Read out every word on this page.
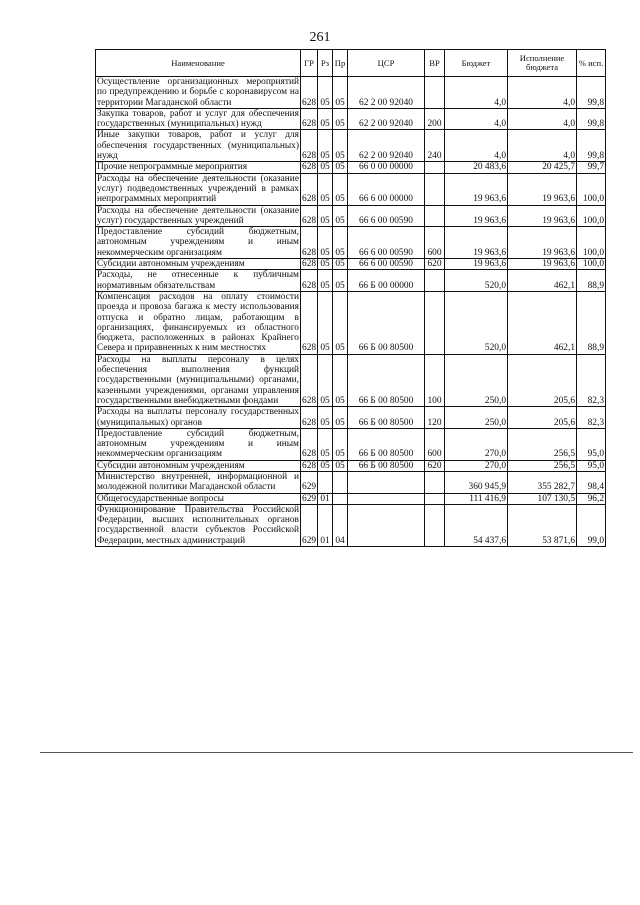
261
Наименование	ГР	Рз	Пр	ЦСР	ВР	Бюджет	Исполнение бюджета	% исп.
Осуществление организационных мероприятий по предупреждению и борьбе с коронавирусом на территории Магаданской области	628	05	05	62 2 00 92040		4,0	4,0	99,8
Закупка товаров, работ и услуг для обеспечения государственных (муниципальных) нужд	628	05	05	62 2 00 92040	200	4,0	4,0	99,8
Иные закупки товаров, работ и услуг для обеспечения государственных (муниципальных) нужд	628	05	05	62 2 00 92040	240	4,0	4,0	99,8
Прочие непрограммные мероприятия	628	05	05	66 0 00 00000		20 483,6	20 425,7	99,7
Расходы на обеспечение деятельности (оказание услуг) подведомственных учреждений в рамках непрограммных мероприятий	628	05	05	66 6 00 00000		19 963,6	19 963,6	100,0
Расходы на обеспечение деятельности (оказание услуг) государственных учреждений	628	05	05	66 6 00 00590		19 963,6	19 963,6	100,0
Предоставление субсидий бюджетным, автономным учреждениям и иным некоммерческим организациям	628	05	05	66 6 00 00590	600	19 963,6	19 963,6	100,0
Субсидии автономным учреждениям	628	05	05	66 6 00 00590	620	19 963,6	19 963,6	100,0
Расходы, не отнесенные к публичным нормативным обязательствам	628	05	05	66 Б 00 00000		520,0	462,1	88,9
Компенсация расходов на оплату стоимости проезда и провоза багажа к месту использования отпуска и обратно лицам, работающим в организациях, финансируемых из областного бюджета, расположенных в районах Крайнего Севера и приравненных к ним местностях	628	05	05	66 Б 00 80500		520,0	462,1	88,9
Расходы на выплаты персоналу в целях обеспечения выполнения функций государственными (муниципальными) органами, казенными учреждениями, органами управления государственными внебюджетными фондами	628	05	05	66 Б 00 80500	100	250,0	205,6	82,3
Расходы на выплаты персоналу государственных (муниципальных) органов	628	05	05	66 Б 00 80500	120	250,0	205,6	82,3
Предоставление субсидий бюджетным, автономным учреждениям и иным некоммерческим организациям	628	05	05	66 Б 00 80500	600	270,0	256,5	95,0
Субсидии автономным учреждениям	628	05	05	66 Б 00 80500	620	270,0	256,5	95,0
Министерство внутренней, информационной и молодежной политики Магаданской области	629					360 945,9	355 282,7	98,4
Общегосударственные вопросы	629	01				111 416,9	107 130,5	96,2
Функционирование Правительства Российской Федерации, высших исполнительных органов государственной власти субъектов Российской Федерации, местных администраций	629	01	04			54 437,6	53 871,6	99,0
